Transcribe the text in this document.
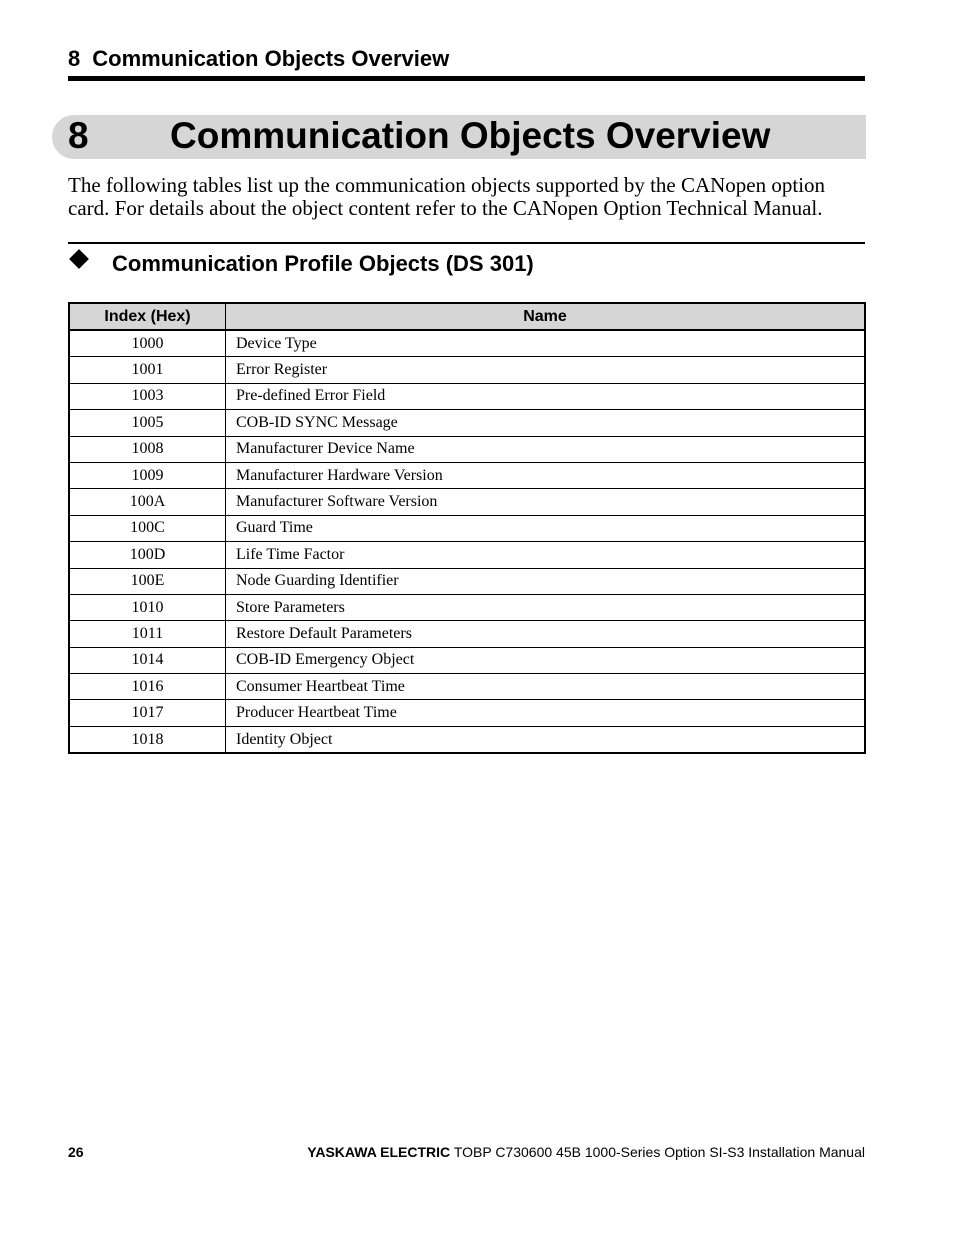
8 Communication Objects Overview
8 Communication Objects Overview

The following tables list up the communication objects supported by the CANopen option card. For details about the object content refer to the CANopen Option Technical Manual.

Communication Profile Objects (DS 301)
Index (Hex)	Name
1000	Device Type
1001	Error Register
1003	Pre-defined Error Field
1005	COB-ID SYNC Message
1008	Manufacturer Device Name
1009	Manufacturer Hardware Version
100A	Manufacturer Software Version
100C	Guard Time
100D	Life Time Factor
100E	Node Guarding Identifier
1010	Store Parameters
1011	Restore Default Parameters
1014	COB-ID Emergency Object
1016	Consumer Heartbeat Time
1017	Producer Heartbeat Time
1018	Identity Object
26	YASKAWA ELECTRIC TOBP C730600 45B 1000-Series Option SI-S3 Installation Manual
